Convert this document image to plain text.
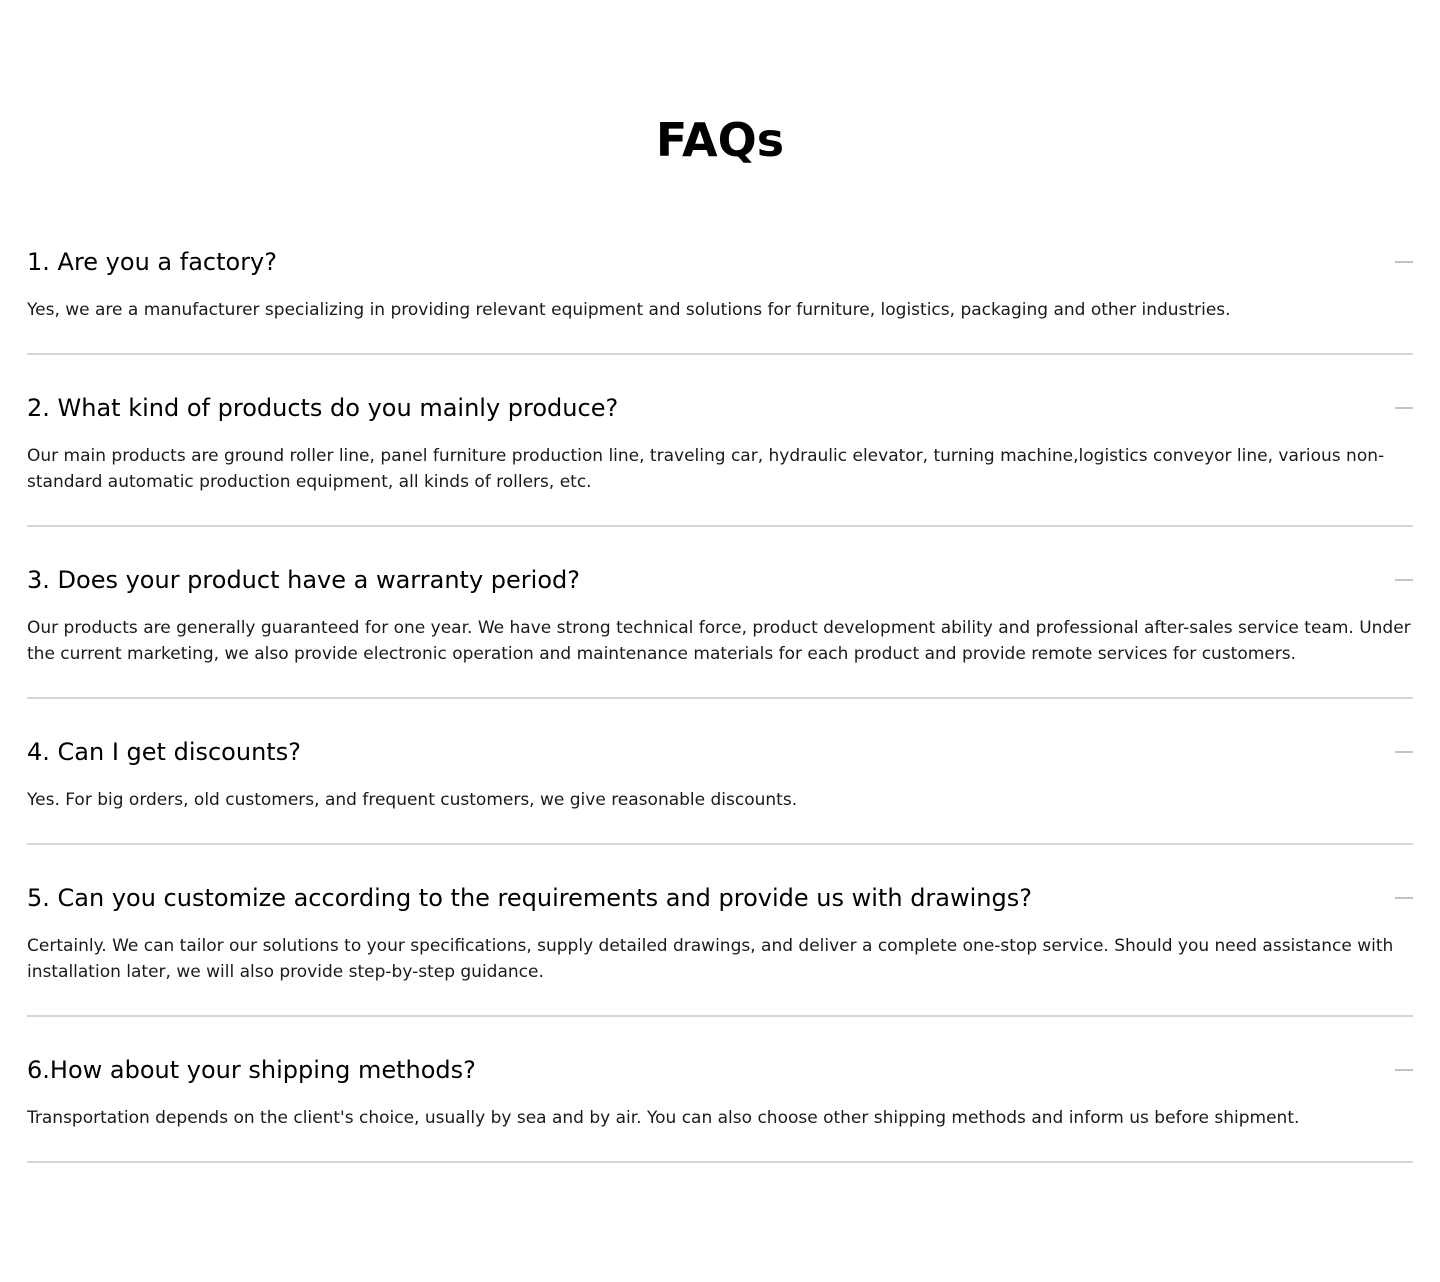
FAQs
1. Are you a factory?

Yes, we are a manufacturer specializing in providing relevant equipment and solutions for furniture, logistics, packaging and other industries.

2. What kind of products do you mainly produce?

Our main products are ground roller line, panel furniture production line, traveling car, hydraulic elevator, turning machine,logistics conveyor line, various non-standard automatic production equipment, all kinds of rollers, etc.

3. Does your product have a warranty period?

Our products are generally guaranteed for one year. We have strong technical force, product development ability and professional after-sales service team. Under the current marketing, we also provide electronic operation and maintenance materials for each product and provide remote services for customers.

4. Can I get discounts?

Yes. For big orders, old customers, and frequent customers, we give reasonable discounts.

5. Can you customize according to the requirements and provide us with drawings?

Certainly. We can tailor our solutions to your specifications, supply detailed drawings, and deliver a complete one-stop service. Should you need assistance with installation later, we will also provide step-by-step guidance.

6.How about your shipping methods?

Transportation depends on the client's choice, usually by sea and by air. You can also choose other shipping methods and inform us before shipment.
